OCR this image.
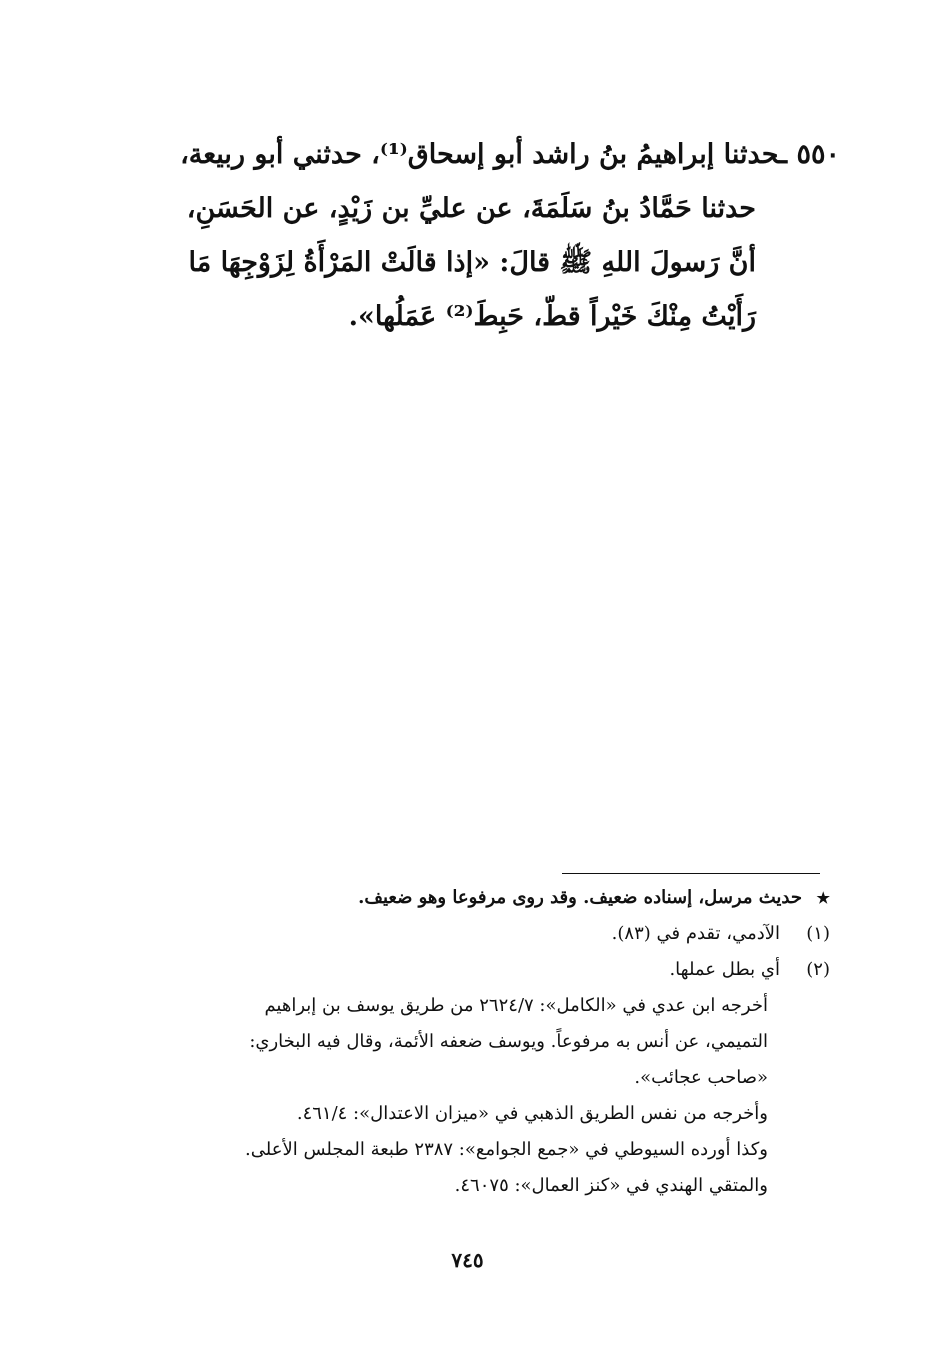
٥٥٠ ـحدثنا إبراهيمُ بنُ راشد أبو إسحاق⁽¹⁾، حدثني أبو ربيعة،
حدثنا حَمَّادُ بنُ سَلَمَةَ، عن عليِّ بن زَيْدٍ، عن الحَسَنِ،
أنَّ رَسولَ اللهِ ﷺ قالَ: «إذا قالَتْ المَرْأَةُ لِزَوْجِهَا مَا
رَأَيْتُ مِنْكَ خَيْراً قطّ، حَبِطَ⁽²⁾ عَمَلُها».
★حديث مرسل، إسناده ضعيف. وقد روى مرفوعا وهو ضعيف.
(١)الآدمي، تقدم في (٨٣).
(٢)أي بطل عملها.
أخرجه ابن عدي في «الكامل»: ٢٦٢٤/٧ من طريق يوسف بن إبراهيم
التميمي، عن أنس به مرفوعاً. ويوسف ضعفه الأئمة، وقال فيه البخاري:
«صاحب عجائب».
وأخرجه من نفس الطريق الذهبي في «ميزان الاعتدال»: ٤٦١/٤.
وكذا أورده السيوطي في «جمع الجوامع»: ٢٣٨٧ طبعة المجلس الأعلى.
والمتقي الهندي في «كنز العمال»: ٤٦٠٧٥.
٧٤٥
